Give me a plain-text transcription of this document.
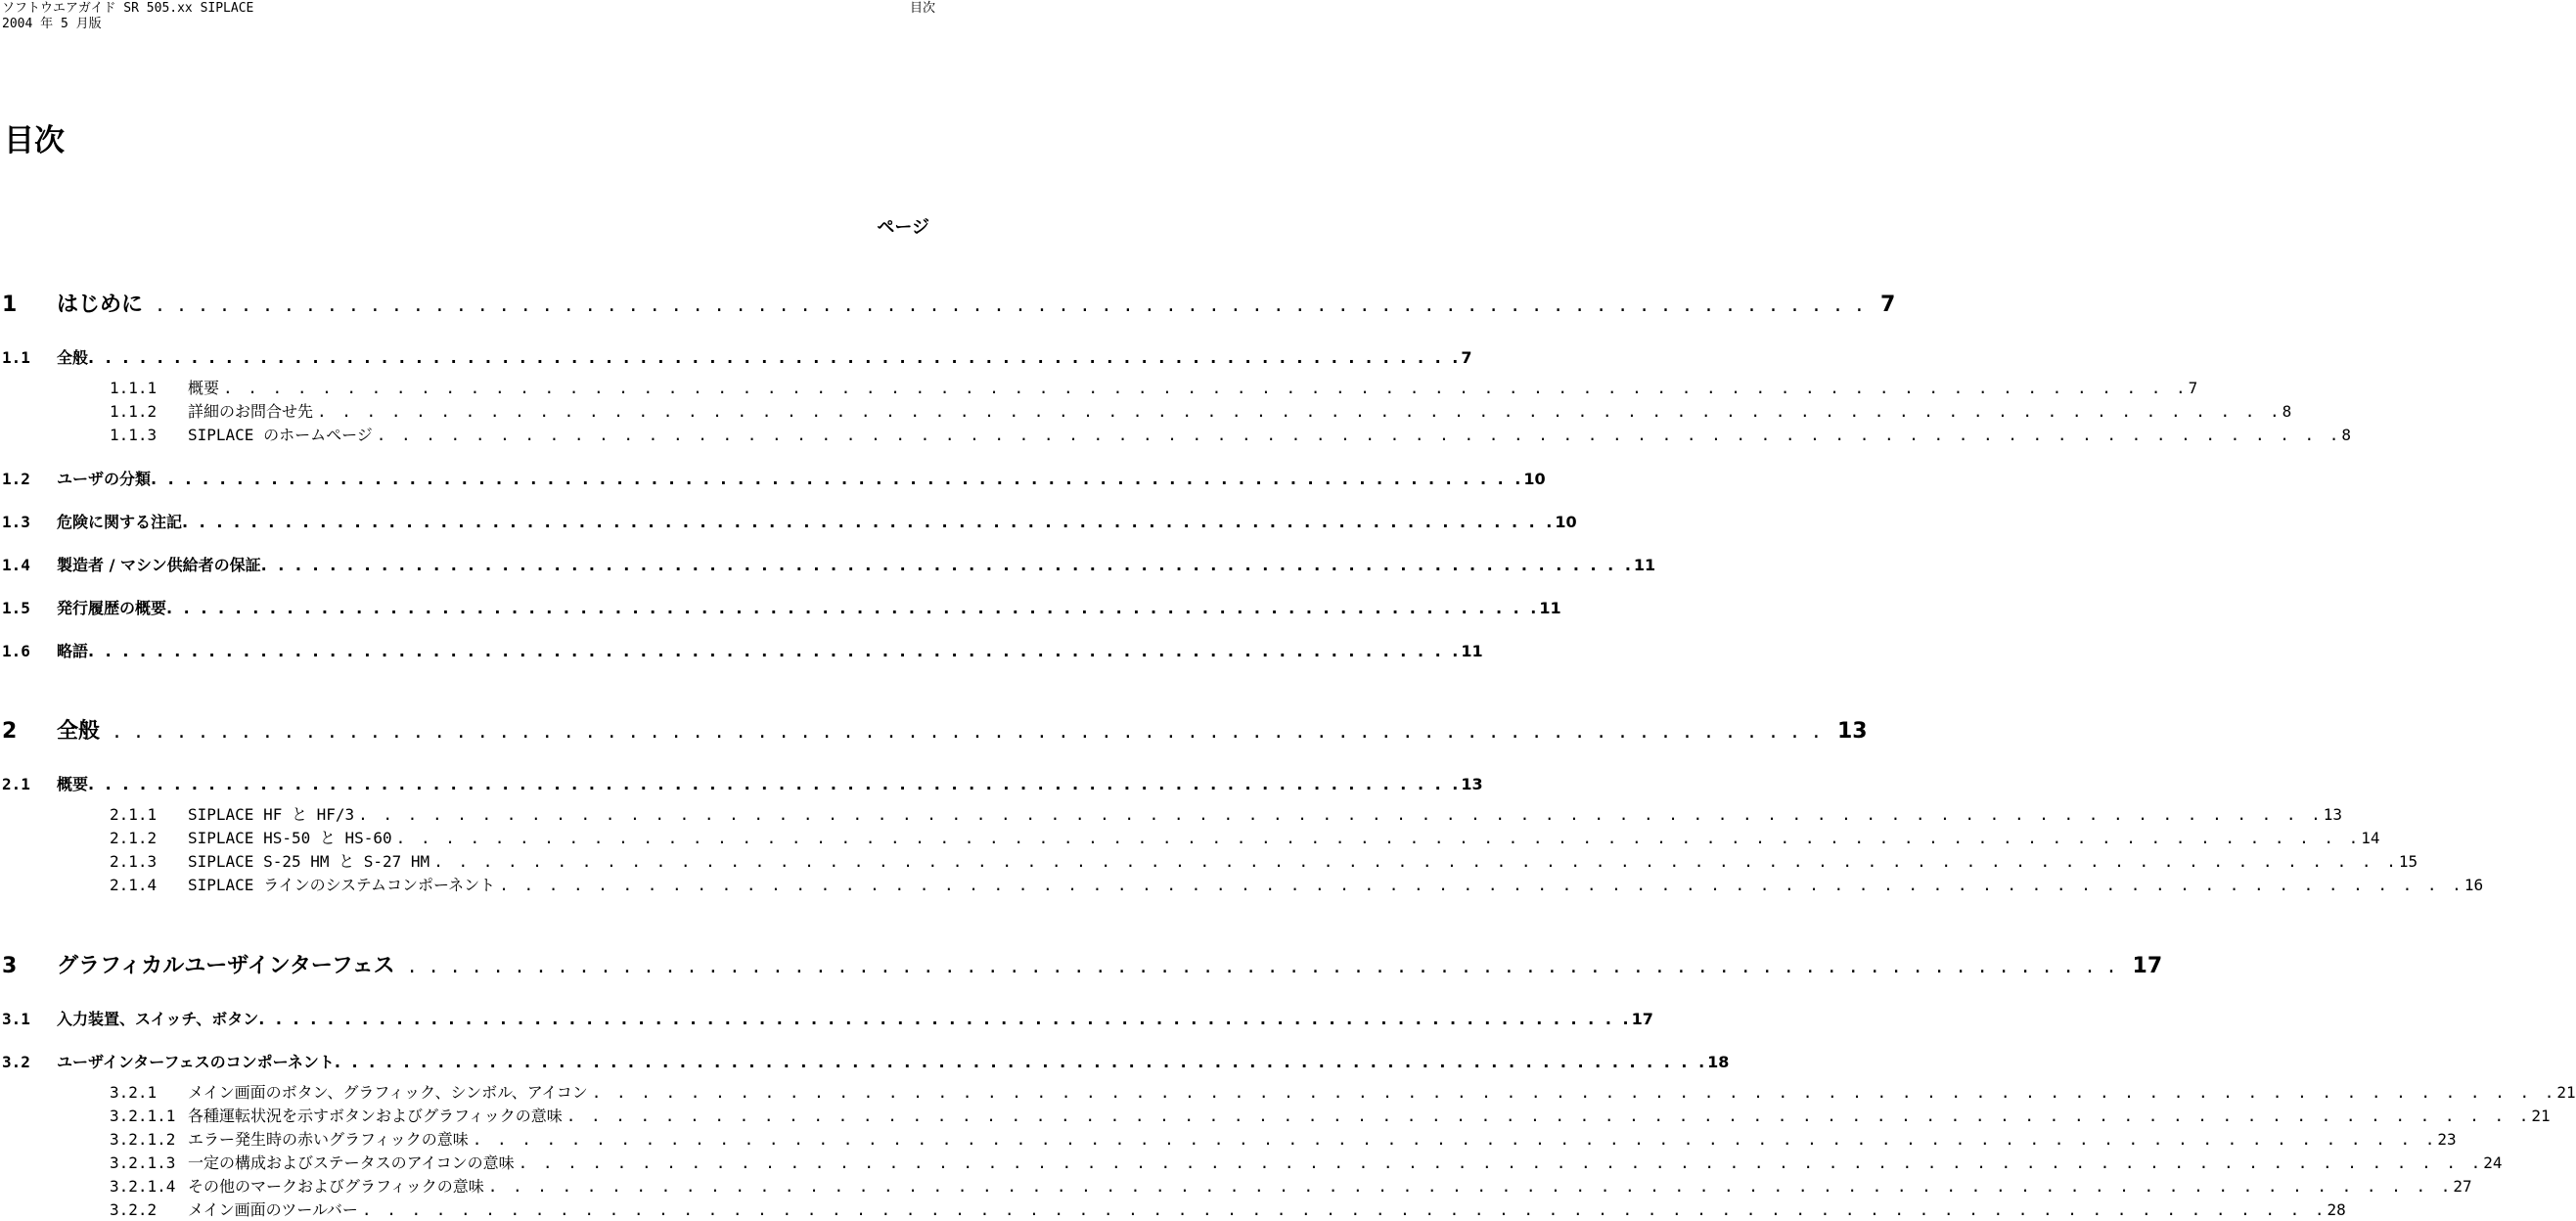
ソフトウエアガイド SR 505.xx SIPLACE
2004 年 5 月版
目次
目次
ページ
1	はじめに . . . . . . . . . . . . . . . . . . . . . . . . . . . . . . . . . . . . . . . . . . . . . . . . . . . . . . . . . . . . . . . . . . . . . . . . . . . . . . . . 7
1.1	全般 . . . . . . . . . . . . . . . . . . . . . . . . . . . . . . . . . . . . . . . . . . . . . . . . . . . . . . . . . . . . . . . . . . . . . . . . . . . . . . . . 7
1.1.1	概要 . . . . . . . . . . . . . . . . . . . . . . . . . . . . . . . . . . . . . . . . . . . . . . . . . . . . . . . . . . . . . . . . . . . . . . . . . . . . . . . . 7
1.1.2	詳細のお問合せ先 . . . . . . . . . . . . . . . . . . . . . . . . . . . . . . . . . . . . . . . . . . . . . . . . . . . . . . . . . . . . . . . . . . . . . . . . . . . . . . . . 8
1.1.3	SIPLACE のホームページ . . . . . . . . . . . . . . . . . . . . . . . . . . . . . . . . . . . . . . . . . . . . . . . . . . . . . . . . . . . . . . . . . . . . . . . . . . . . . . . . 8
1.2	ユーザの分類 . . . . . . . . . . . . . . . . . . . . . . . . . . . . . . . . . . . . . . . . . . . . . . . . . . . . . . . . . . . . . . . . . . . . . . . . . . . . . . . . 10
1.3	危険に関する注記 . . . . . . . . . . . . . . . . . . . . . . . . . . . . . . . . . . . . . . . . . . . . . . . . . . . . . . . . . . . . . . . . . . . . . . . . . . . . . . . . 10
1.4	製造者 / マシン供給者の保証 . . . . . . . . . . . . . . . . . . . . . . . . . . . . . . . . . . . . . . . . . . . . . . . . . . . . . . . . . . . . . . . . . . . . . . . . . . . . . . . . 11
1.5	発行履歴の概要 . . . . . . . . . . . . . . . . . . . . . . . . . . . . . . . . . . . . . . . . . . . . . . . . . . . . . . . . . . . . . . . . . . . . . . . . . . . . . . . . 11
1.6	略語 . . . . . . . . . . . . . . . . . . . . . . . . . . . . . . . . . . . . . . . . . . . . . . . . . . . . . . . . . . . . . . . . . . . . . . . . . . . . . . . . 11
2	全般 . . . . . . . . . . . . . . . . . . . . . . . . . . . . . . . . . . . . . . . . . . . . . . . . . . . . . . . . . . . . . . . . . . . . . . . . . . . . . . . . 13
2.1	概要 . . . . . . . . . . . . . . . . . . . . . . . . . . . . . . . . . . . . . . . . . . . . . . . . . . . . . . . . . . . . . . . . . . . . . . . . . . . . . . . . 13
2.1.1	SIPLACE HF と HF/3 . . . . . . . . . . . . . . . . . . . . . . . . . . . . . . . . . . . . . . . . . . . . . . . . . . . . . . . . . . . . . . . . . . . . . . . . . . . . . . . . 13
2.1.2	SIPLACE HS-50 と HS-60 . . . . . . . . . . . . . . . . . . . . . . . . . . . . . . . . . . . . . . . . . . . . . . . . . . . . . . . . . . . . . . . . . . . . . . . . . . . . . . . . 14
2.1.3	SIPLACE S-25 HM と S-27 HM . . . . . . . . . . . . . . . . . . . . . . . . . . . . . . . . . . . . . . . . . . . . . . . . . . . . . . . . . . . . . . . . . . . . . . . . . . . . . . . . 15
2.1.4	SIPLACE ラインのシステムコンポーネント . . . . . . . . . . . . . . . . . . . . . . . . . . . . . . . . . . . . . . . . . . . . . . . . . . . . . . . . . . . . . . . . . . . . . . . . . . . . . . . . 16
3	グラフィカルユーザインターフェス . . . . . . . . . . . . . . . . . . . . . . . . . . . . . . . . . . . . . . . . . . . . . . . . . . . . . . . . . . . . . . . . . . . . . . . . . . . . . . . . 17
3.1	入力装置、スイッチ、ボタン . . . . . . . . . . . . . . . . . . . . . . . . . . . . . . . . . . . . . . . . . . . . . . . . . . . . . . . . . . . . . . . . . . . . . . . . . . . . . . . . 17
3.2	ユーザインターフェスのコンポーネント . . . . . . . . . . . . . . . . . . . . . . . . . . . . . . . . . . . . . . . . . . . . . . . . . . . . . . . . . . . . . . . . . . . . . . . . . . . . . . . . 18
3.2.1	メイン画面のボタン、グラフィック、シンボル、アイコン . . . . . . . . . . . . . . . . . . . . . . . . . . . . . . . . . . . . . . . . . . . . . . . . . . . . . . . . . . . . . . . . . . . . . . . . . . . . . . . . 21
3.2.1.1 各種運転状況を示すボタンおよびグラフィックの意味 . . . . . . . . . . . . . . . . . . . . . . . . . . . . . . . . . . . . . . . . . . . . . . . . . . . . . . . . . . . . . . . . . . . . . . . . . . . . . . . . 21
3.2.1.2 エラー発生時の赤いグラフィックの意味 . . . . . . . . . . . . . . . . . . . . . . . . . . . . . . . . . . . . . . . . . . . . . . . . . . . . . . . . . . . . . . . . . . . . . . . . . . . . . . . . 23
3.2.1.3 一定の構成およびステータスのアイコンの意味 . . . . . . . . . . . . . . . . . . . . . . . . . . . . . . . . . . . . . . . . . . . . . . . . . . . . . . . . . . . . . . . . . . . . . . . . . . . . . . . . 24
3.2.1.4 その他のマークおよびグラフィックの意味 . . . . . . . . . . . . . . . . . . . . . . . . . . . . . . . . . . . . . . . . . . . . . . . . . . . . . . . . . . . . . . . . . . . . . . . . . . . . . . . . 27
3.2.2	メイン画面のツールバー . . . . . . . . . . . . . . . . . . . . . . . . . . . . . . . . . . . . . . . . . . . . . . . . . . . . . . . . . . . . . . . . . . . . . . . . . . . . . . . . 28
